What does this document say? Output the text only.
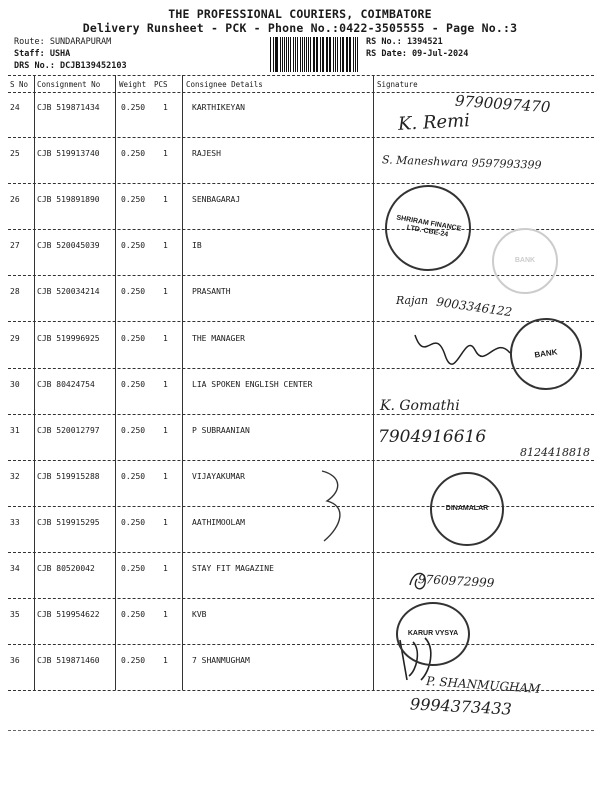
THE PROFESSIONAL COURIERS, COIMBATORE
Delivery Runsheet - PCK - Phone No.:0422-3505555 - Page No.:3
Route: SUNDARAPURAM
Staff: USHA
DRS No.: DCJB139452103
RS No.: 1394521
RS Date: 09-Jul-2024
S No Consignment No	Weight PCS Consignee Details	Signature
24 CJB 519871434	0.250 1	KARTHIKEYAN
25 CJB 519913740	0.250 1	RAJESH
26 CJB 519891890	0.250 1	SENBAGARAJ
27 CJB 520045039	0.250 1	IB
28 CJB 520034214	0.250 1	PRASANTH
29 CJB 519996925	0.250 1	THE MANAGER
30 CJB 80424754	0.250 1	LIA SPOKEN ENGLISH CENTER
31 CJB 520012797	0.250 1	P SUBRAANIAN
32 CJB 519915288	0.250 1	VIJAYAKUMAR
33 CJB 519915295	0.250 1	AATHIMOOLAM
34 CJB 80520042	0.250 1	STAY FIT MAGAZINE
35 CJB 519954622	0.250 1	KVB
36 CJB 519871460	0.250 1	7 SHANMUGHAM
9790097470
K. Remi
S. Maneshwara 9597993399
9003346122
Rajan
K. Gomathi
7904916616
8124418818
9760972999
P. SHANMUGHAM
9994373433
SHRIRAM FINANCE LTD. CBE-24
BANK
BANK
DINAMALAR
KARUR VYSYA
